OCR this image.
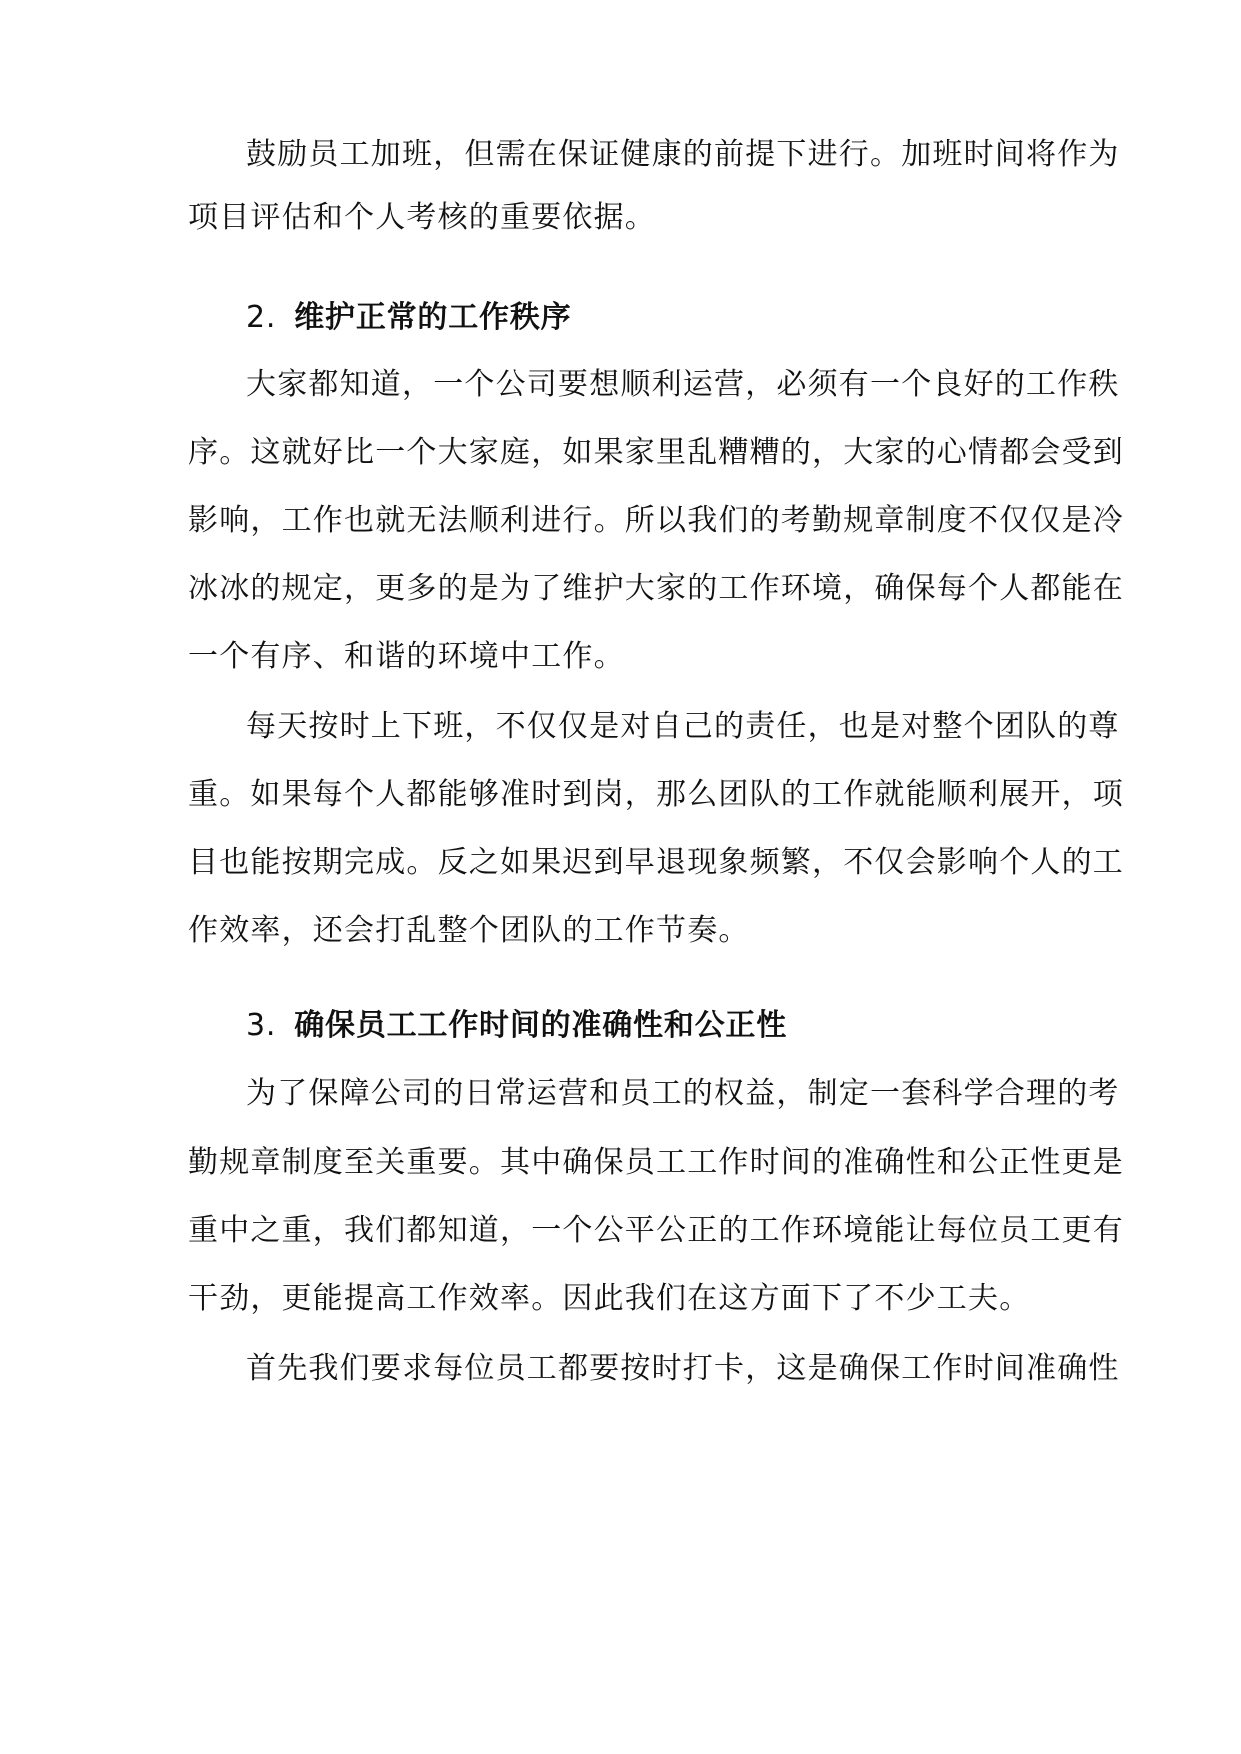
鼓励员工加班，但需在保证健康的前提下进行。加班时间将作为
项目评估和个人考核的重要依据。
2. 维护正常的工作秩序
大家都知道，一个公司要想顺利运营，必须有一个良好的工作秩
序。这就好比一个大家庭，如果家里乱糟糟的，大家的心情都会受到
影响，工作也就无法顺利进行。所以我们的考勤规章制度不仅仅是冷
冰冰的规定，更多的是为了维护大家的工作环境，确保每个人都能在
一个有序、和谐的环境中工作。
每天按时上下班，不仅仅是对自己的责任，也是对整个团队的尊
重。如果每个人都能够准时到岗，那么团队的工作就能顺利展开，项
目也能按期完成。反之如果迟到早退现象频繁，不仅会影响个人的工
作效率，还会打乱整个团队的工作节奏。
3. 确保员工工作时间的准确性和公正性
为了保障公司的日常运营和员工的权益，制定一套科学合理的考
勤规章制度至关重要。其中确保员工工作时间的准确性和公正性更是
重中之重，我们都知道，一个公平公正的工作环境能让每位员工更有
干劲，更能提高工作效率。因此我们在这方面下了不少工夫。
首先我们要求每位员工都要按时打卡，这是确保工作时间准确性
